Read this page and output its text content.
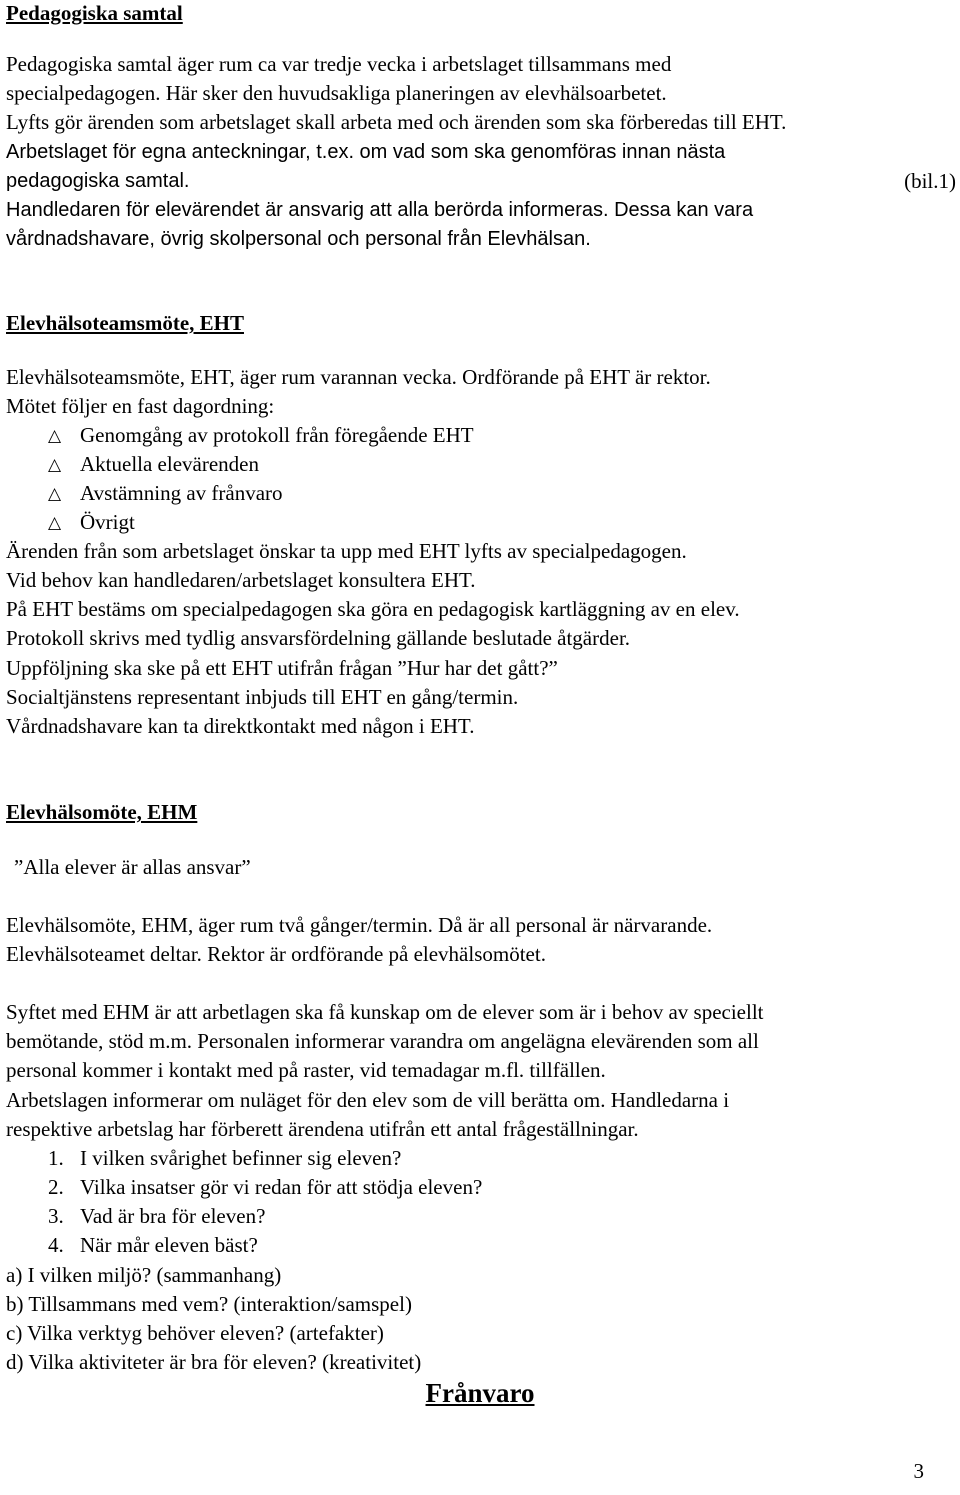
Pedagogiska samtal
Pedagogiska samtal äger rum ca var tredje vecka i arbetslaget tillsammans med
specialpedagogen. Här sker den huvudsakliga planeringen av elevhälsoarbetet.
Lyfts gör ärenden som arbetslaget skall arbeta med och ärenden som ska förberedas till EHT.
Arbetslaget för egna anteckningar, t.ex. om vad som ska genomföras innan nästa
pedagogiska samtal.	(bil.1)
Handledaren för elevärendet är ansvarig att alla berörda informeras. Dessa kan vara
vårdnadshavare, övrig skolpersonal och personal från Elevhälsan.
Elevhälsoteamsmöte, EHT
Elevhälsoteamsmöte, EHT, äger rum varannan vecka. Ordförande på EHT är rektor.
Mötet följer en fast dagordning:
△ Genomgång av protokoll från föregående EHT
△ Aktuella elevärenden
△ Avstämning av frånvaro
△ Övrigt
Ärenden från som arbetslaget önskar ta upp med EHT lyfts av specialpedagogen.
Vid behov kan handledaren/arbetslaget konsultera EHT.
På EHT bestäms om specialpedagogen ska göra en pedagogisk kartläggning av en elev.
Protokoll skrivs med tydlig ansvarsfördelning gällande beslutade åtgärder.
Uppföljning ska ske på ett EHT utifrån frågan ”Hur har det gått?”
Socialtjänstens representant inbjuds till EHT en gång/termin.
Vårdnadshavare kan ta direktkontakt med någon i EHT.
Elevhälsomöte, EHM
”Alla elever är allas ansvar”
Elevhälsomöte, EHM, äger rum två gånger/termin. Då är all personal är närvarande.
Elevhälsoteamet deltar. Rektor är ordförande på elevhälsomötet.
Syftet med EHM är att arbetlagen ska få kunskap om de elever som är i behov av speciellt
bemötande, stöd m.m. Personalen informerar varandra om angelägna elevärenden som all
personal kommer i kontakt med på raster, vid temadagar m.fl. tillfällen.
Arbetslagen informerar om nuläget för den elev som de vill berätta om. Handledarna i
respektive arbetslag har förberett ärendena utifrån ett antal frågeställningar.
1. I vilken svårighet befinner sig eleven?
2. Vilka insatser gör vi redan för att stödja eleven?
3. Vad är bra för eleven?
4. När mår eleven bäst?
a) I vilken miljö? (sammanhang)
b) Tillsammans med vem? (interaktion/samspel)
c) Vilka verktyg behöver eleven? (artefakter)
d) Vilka aktiviteter är bra för eleven? (kreativitet)
Frånvaro
3
